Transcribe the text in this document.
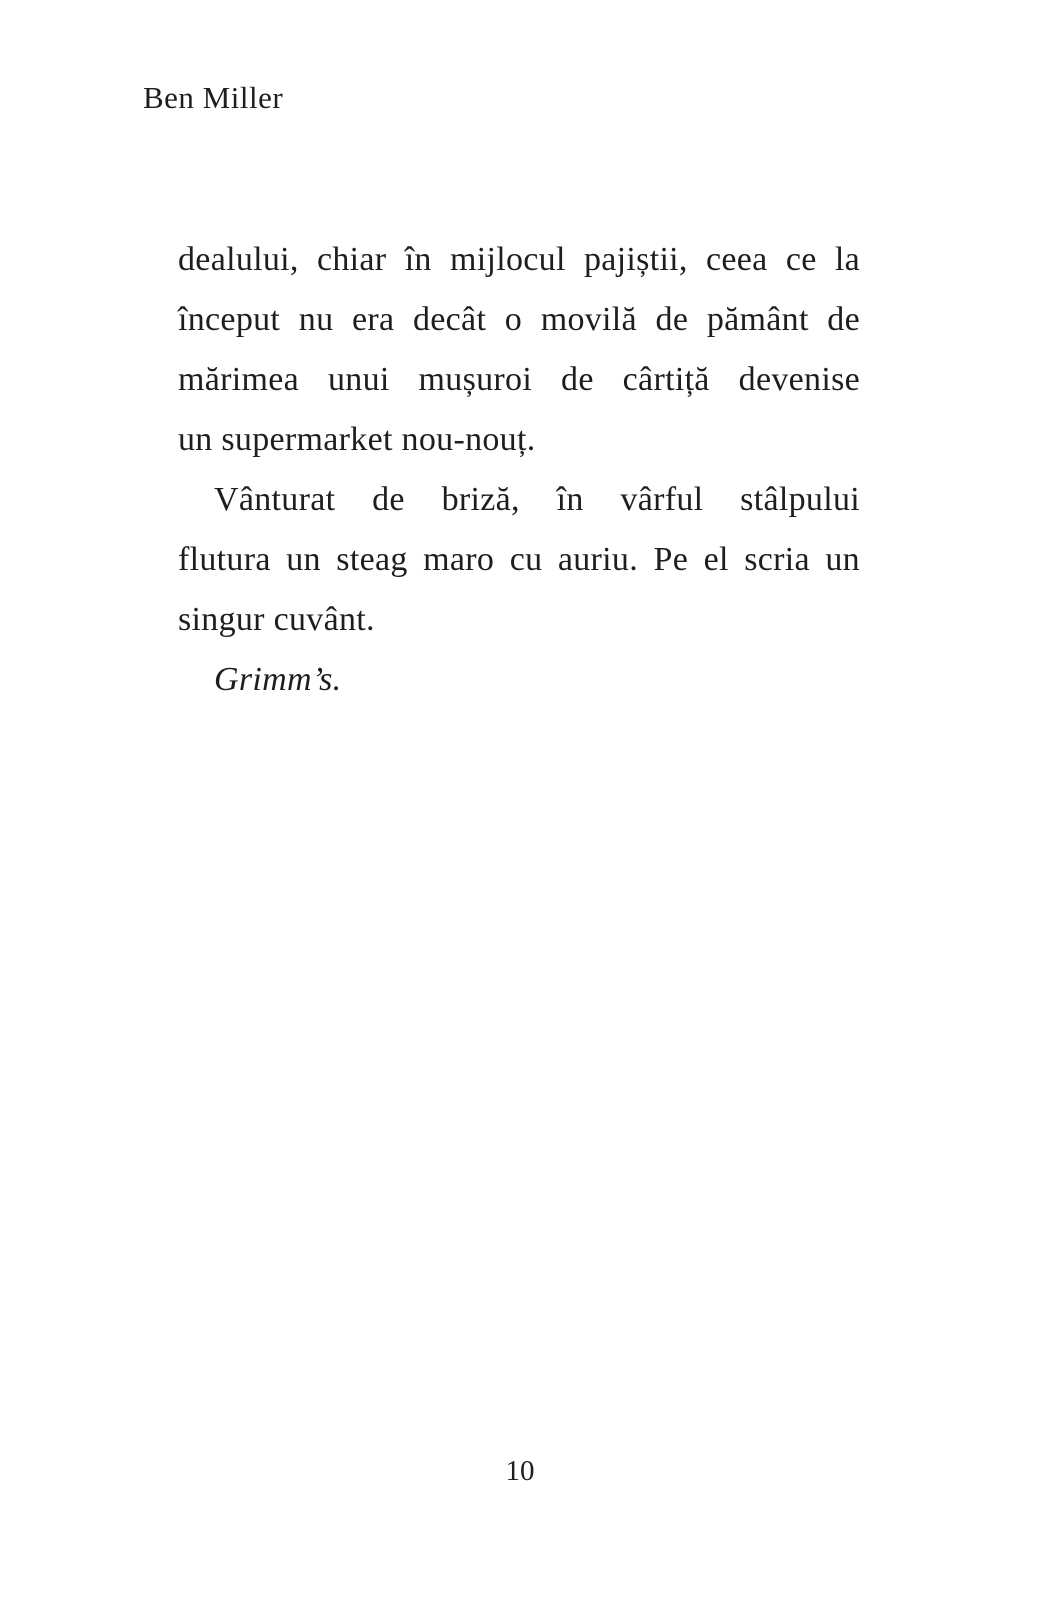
Ben Miller
dealului, chiar în mijlocul pajiștii, ceea ce la
început nu era decât o movilă de pământ de
mărimea unui mușuroi de cârtiță devenise
un supermarket nou-nouț.
Vânturat de briză, în vârful stâlpului
flutura un steag maro cu auriu. Pe el scria un
singur cuvânt.
Grimm’s.
10
